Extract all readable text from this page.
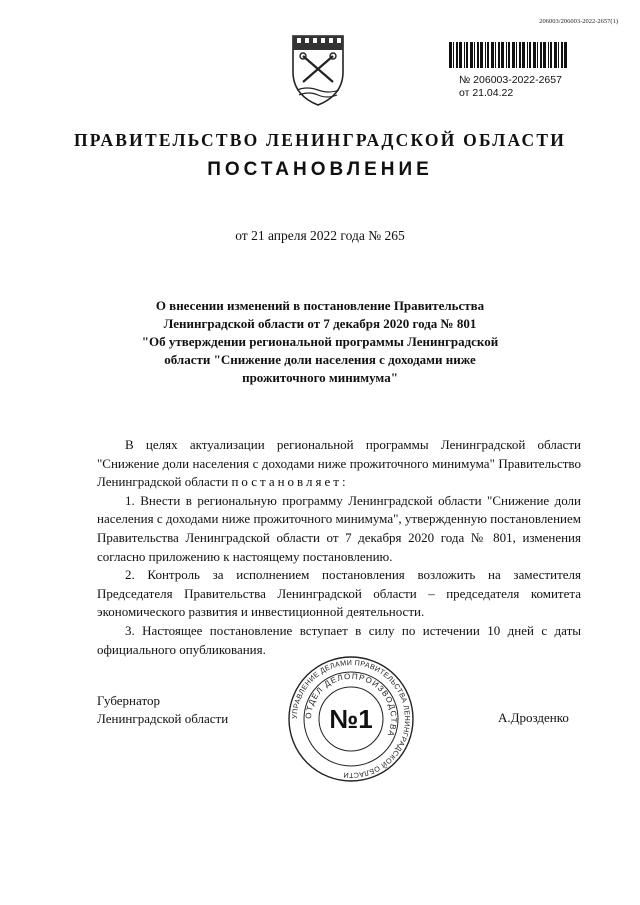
206003/206003-2022-2657(1)
№ 206003-2022-2657
от 21.04.22
ПРАВИТЕЛЬСТВО ЛЕНИНГРАДСКОЙ ОБЛАСТИ
ПОСТАНОВЛЕНИЕ
от 21 апреля 2022 года № 265
О внесении изменений в постановление Правительства
Ленинградской области от 7 декабря 2020 года № 801
"Об утверждении региональной программы Ленинградской
области "Снижение доли населения с доходами ниже
прожиточного минимума"

В целях актуализации региональной программы Ленинградской области "Снижение доли населения с доходами ниже прожиточного минимума" Правительство Ленинградской области постановляет:

1. Внести в региональную программу Ленинградской области "Снижение доли населения с доходами ниже прожиточного минимума", утвержденную постановлением Правительства Ленинградской области от 7 декабря 2020 года № 801, изменения согласно приложению к настоящему постановлению.

2. Контроль за исполнением постановления возложить на заместителя Председателя Правительства Ленинградской области – председателя комитета экономического развития и инвестиционной деятельности.

3. Настоящее постановление вступает в силу по истечении 10 дней с даты официального опубликования.

Губернатор
Ленинградской области	УПРАВЛЕНИЕ ДЕЛАМИ ПРАВИТЕЛЬСТВА ЛЕНИНГРАДСКОЙ ОБЛАСТИ
ОТДЕЛ ДЕЛОПРОИЗВОДСТВА
№1	А.Дрозденко
